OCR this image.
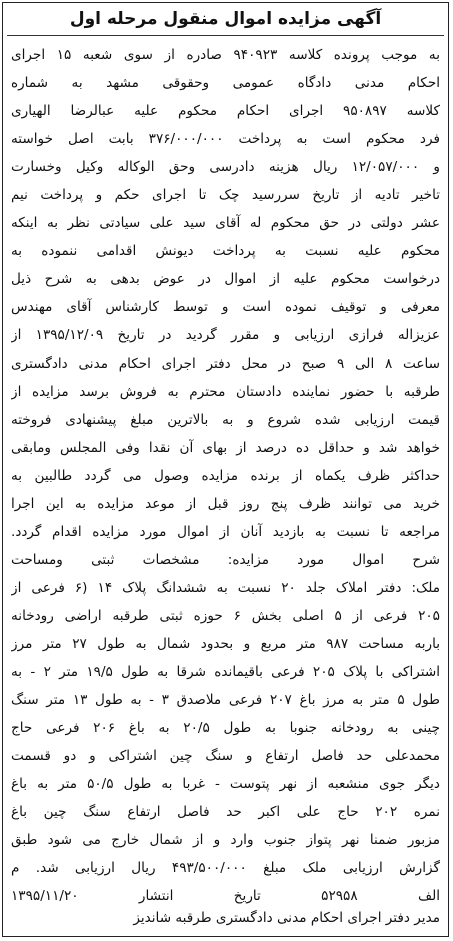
آگهی مزایده اموال منقول مرحله اول
به موجب پرونده کلاسه ۹۴۰۹۲۳ صادره از سوی شعبه ۱۵ اجرای
احکام مدنی دادگاه عمومی وحقوقی مشهد به شماره
کلاسه ۹۵۰۸۹۷ اجرای احکام محکوم علیه عبالرضا الهیاری
فرد محکوم است به پرداخت ۳۷۶/۰۰۰/۰۰۰ بابت اصل خواسته
و ۱۲/۰۵۷/۰۰۰ ریال هزینه دادرسی وحق الوکاله وکیل وخسارت
تاخیر تادیه از تاریخ سررسید چک تا اجرای حکم و پرداخت نیم
عشر دولتی در حق محکوم له آقای سید علی سیادتی نظر به اینکه
محکوم علیه نسبت به پرداخت دیونش اقدامی ننموده به
درخواست محکوم علیه از اموال در عوض بدهی به شرح ذیل
معرفی و توقیف نموده است و توسط کارشناس آقای مهندس
عزیزاله فرازی ارزیابی و مقرر گردید در تاریخ ۱۳۹۵/۱۲/۰۹ از
ساعت ۸ الی ۹ صبح در محل دفتر اجرای احکام مدنی دادگستری
طرقبه با حضور نماینده دادستان محترم به فروش برسد مزایده از
قیمت ارزیابی شده شروع و به بالاترین مبلغ پیشنهادی فروخته
خواهد شد و حداقل ده درصد از بهای آن نقدا وفی المجلس ومابقی
حداکثر ظرف یکماه از برنده مزایده وصول می گردد طالبین به
خرید می توانند ظرف پنج روز قبل از موعد مزایده به این اجرا
مراجعه تا نسبت به بازدید آنان از اموال مورد مزایده اقدام گردد.
شرح اموال مورد مزایده: مشخصات ثبتی ومساحت
ملک: دفتر املاک جلد ۲۰ نسبت به ششدانگ پلاک ۱۴ (۶ فرعی از
۲۰۵ فرعی از ۵ اصلی بخش ۶ حوزه ثبتی طرقبه اراضی رودخانه
باربه مساحت ۹۸۷ متر مربع و بحدود شمال به طول ۲۷ متر مرز
اشتراکی با پلاک ۲۰۵ فرعی باقیمانده شرقا به طول ۱۹/۵ متر ۲ - به
طول ۵ متر به مرز باغ ۲۰۷ فرعی ملاصدق ۳ - به طول ۱۳ متر سنگ
چینی به رودخانه جنوبا به طول ۲۰/۵ به باغ ۲۰۶ فرعی حاج
محمدعلی حد فاصل ارتفاع و سنگ چین اشتراکی و دو قسمت
دیگر جوی منشعبه از نهر پتوست - غربا به طول ۵۰/۵ متر به باغ
نمره ۲۰۲ حاج علی اکبر حد فاصل ارتفاع سنگ چین باغ
مزبور ضمنا نهر پتواز جنوب وارد و از شمال خارج می شود طبق
گزارش ارزیابی ملک مبلغ ۴۹۳/۵۰۰/۰۰۰ ریال ارزیابی شد. م
الف ۵۲۹۵۸ تاریخ انتشار ۱۳۹۵/۱۱/۲۰
مدیر دفتر اجرای احکام مدنی دادگستری طرقبه شاندیز
